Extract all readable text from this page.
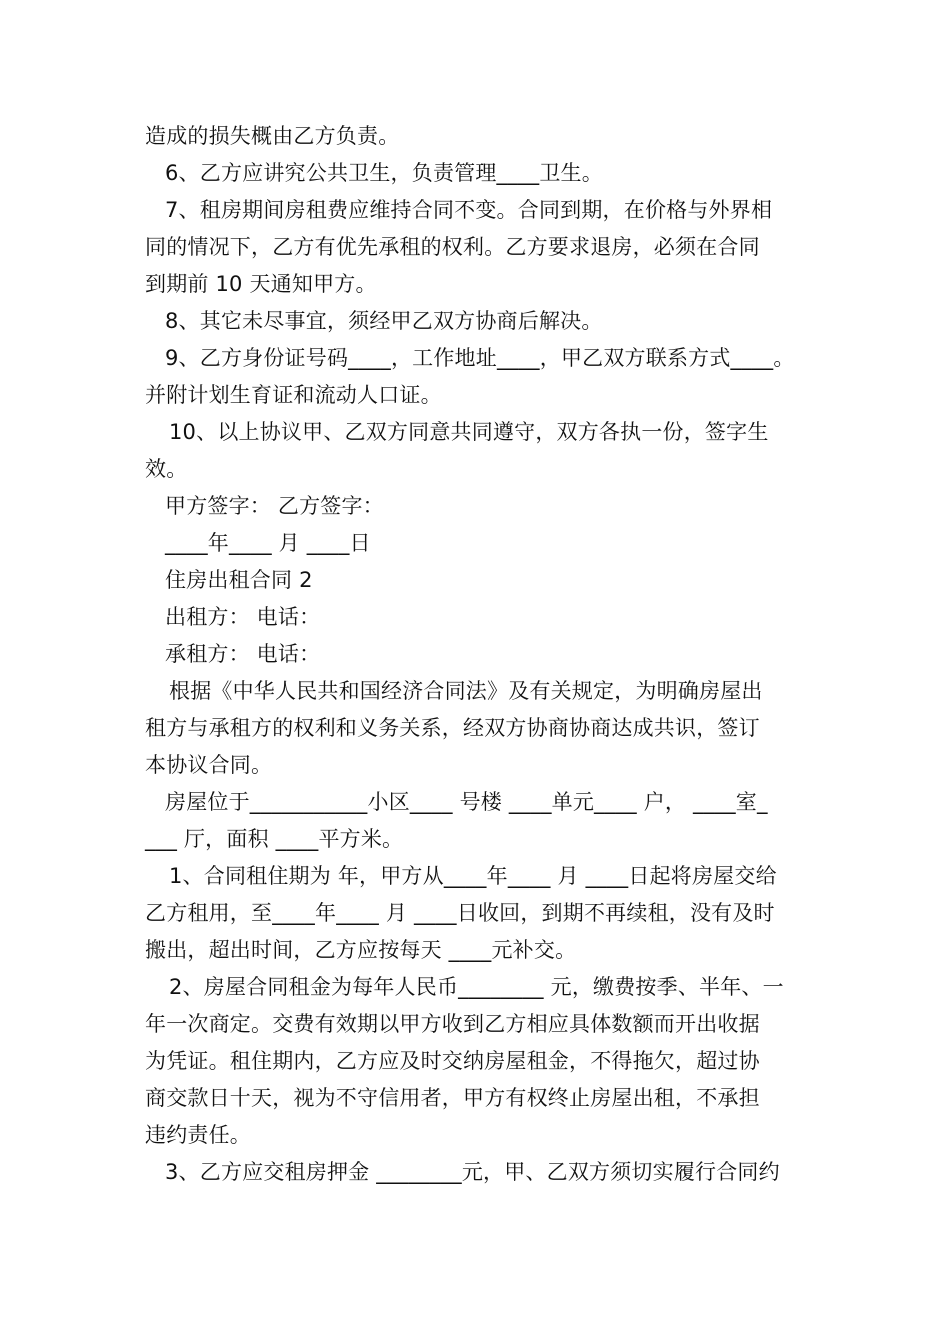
造成的损失概由乙方负责。
6、乙方应讲究公共卫生，负责管理____卫生。
7、租房期间房租费应维持合同不变。合同到期，在价格与外界相
同的情况下，乙方有优先承租的权利。乙方要求退房，必须在合同
到期前 10 天通知甲方。
8、其它未尽事宜，须经甲乙双方协商后解决。
9、乙方身份证号码____，工作地址____，甲乙双方联系方式____。
并附计划生育证和流动人口证。
10、以上协议甲、乙双方同意共同遵守，双方各执一份，签字生
效。
甲方签字： 乙方签字：
____年____ 月 ____日
住房出租合同 2
出租方： 电话：
承租方： 电话：
根据《中华人民共和国经济合同法》及有关规定，为明确房屋出
租方与承租方的权利和义务关系，经双方协商协商达成共识，签订
本协议合同。
房屋位于___________小区____ 号楼 ____单元____ 户， ____室_
___ 厅，面积 ____平方米。
1、合同租住期为 年，甲方从____年____ 月 ____日起将房屋交给
乙方租用，至____年____ 月 ____日收回，到期不再续租，没有及时
搬出，超出时间，乙方应按每天 ____元补交。
2、房屋合同租金为每年人民币________ 元，缴费按季、半年、一
年一次商定。交费有效期以甲方收到乙方相应具体数额而开出收据
为凭证。租住期内，乙方应及时交纳房屋租金，不得拖欠，超过协
商交款日十天，视为不守信用者，甲方有权终止房屋出租，不承担
违约责任。
3、乙方应交租房押金 ________元，甲、乙双方须切实履行合同约
